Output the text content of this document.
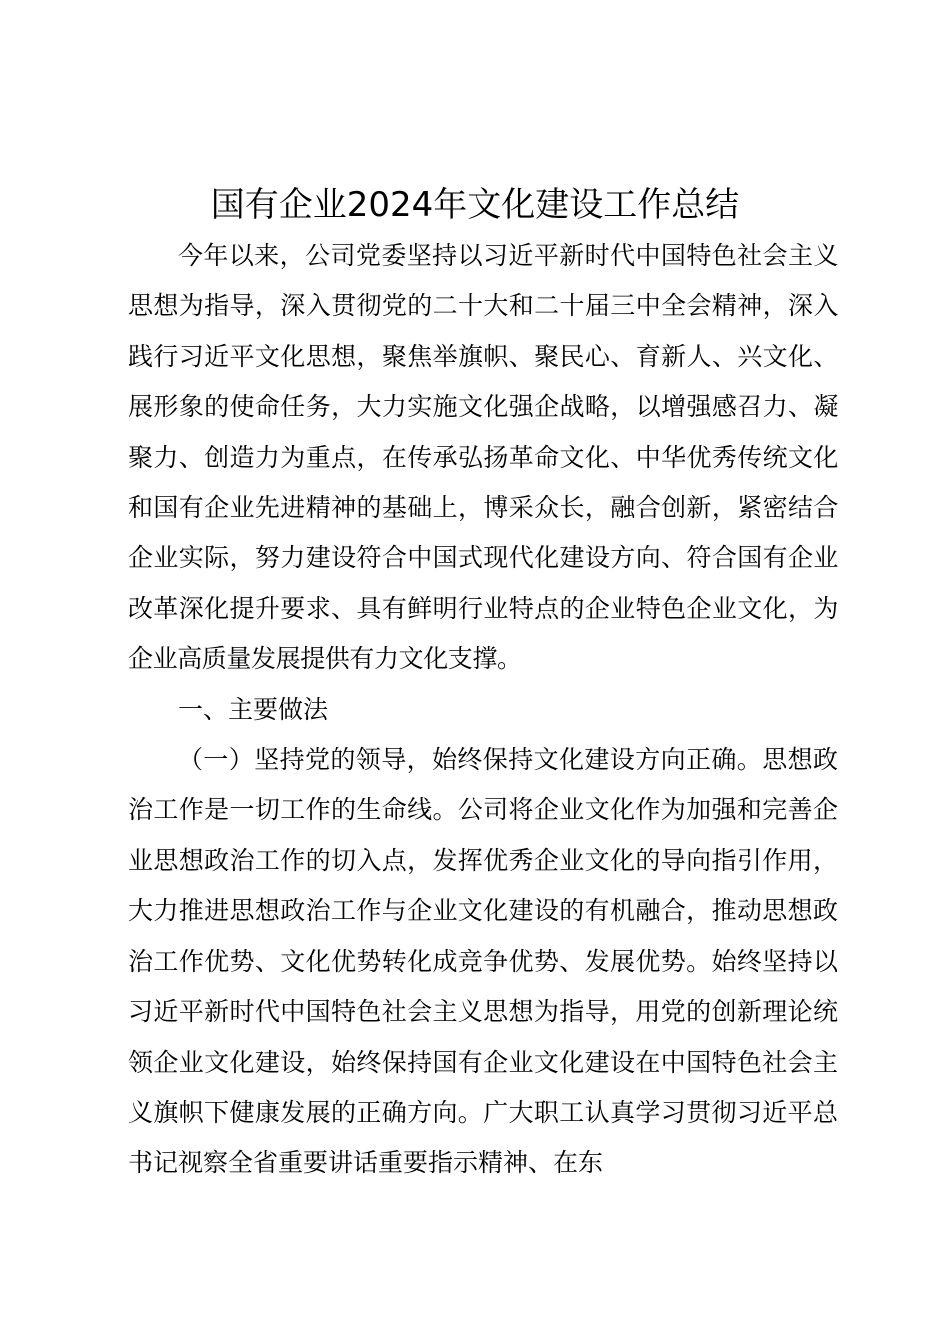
国有企业2024年文化建设工作总结

今年以来，公司党委坚持以习近平新时代中国特色社会主义思想为指导，深入贯彻党的二十大和二十届三中全会精神，深入践行习近平文化思想，聚焦举旗帜、聚民心、育新人、兴文化、展形象的使命任务，大力实施文化强企战略，以增强感召力、凝聚力、创造力为重点，在传承弘扬革命文化、中华优秀传统文化和国有企业先进精神的基础上，博采众长，融合创新，紧密结合企业实际，努力建设符合中国式现代化建设方向、符合国有企业改革深化提升要求、具有鲜明行业特点的企业特色企业文化，为企业高质量发展提供有力文化支撑。

一、主要做法

（一）坚持党的领导，始终保持文化建设方向正确。思想政治工作是一切工作的生命线。公司将企业文化作为加强和完善企业思想政治工作的切入点，发挥优秀企业文化的导向指引作用，大力推进思想政治工作与企业文化建设的有机融合，推动思想政治工作优势、文化优势转化成竞争优势、发展优势。始终坚持以习近平新时代中国特色社会主义思想为指导，用党的创新理论统领企业文化建设，始终保持国有企业文化建设在中国特色社会主义旗帜下健康发展的正确方向。广大职工认真学习贯彻习近平总书记视察全省重要讲话重要指示精神、在东
